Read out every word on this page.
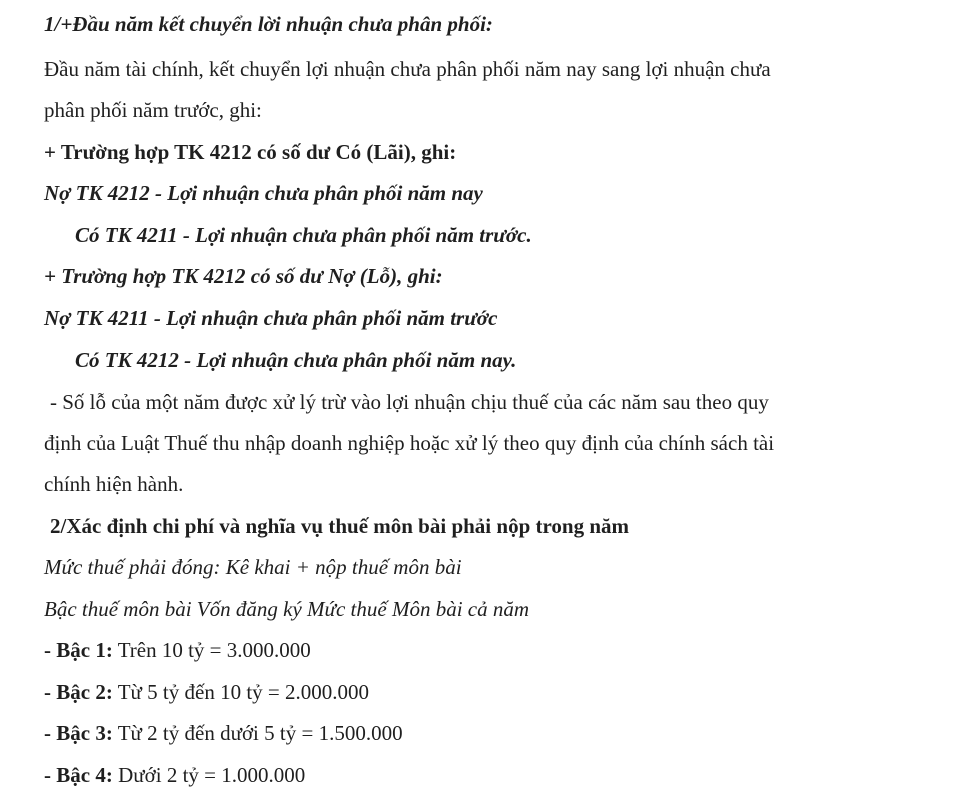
1/+Đầu năm kết chuyển lời nhuận chưa phân phối:
Đầu năm tài chính, kết chuyển lợi nhuận chưa phân phối năm nay sang lợi nhuận chưa
phân phối năm trước, ghi:
+ Trường hợp TK 4212 có số dư Có (Lãi), ghi:
Nợ TK 4212 - Lợi nhuận chưa phân phối năm nay
Có TK 4211 - Lợi nhuận chưa phân phối năm trước.
+ Trường hợp TK 4212 có số dư Nợ (Lỗ), ghi:
Nợ TK 4211 - Lợi nhuận chưa phân phối năm trước
Có TK 4212 - Lợi nhuận chưa phân phối năm nay.
- Số lỗ của một năm được xử lý trừ vào lợi nhuận chịu thuế của các năm sau theo quy
định của Luật Thuế thu nhập doanh nghiệp hoặc xử lý theo quy định của chính sách tài
chính hiện hành.
2/Xác định chi phí và nghĩa vụ thuế môn bài phải nộp trong năm
Mức thuế phải đóng: Kê khai + nộp thuế môn bài
Bậc thuế môn bài Vốn đăng ký Mức thuế Môn bài cả năm
- Bậc 1: Trên 10 tỷ = 3.000.000
- Bậc 2: Từ 5 tỷ đến 10 tỷ = 2.000.000
- Bậc 3: Từ 2 tỷ đến dưới 5 tỷ = 1.500.000
- Bậc 4: Dưới 2 tỷ = 1.000.000
